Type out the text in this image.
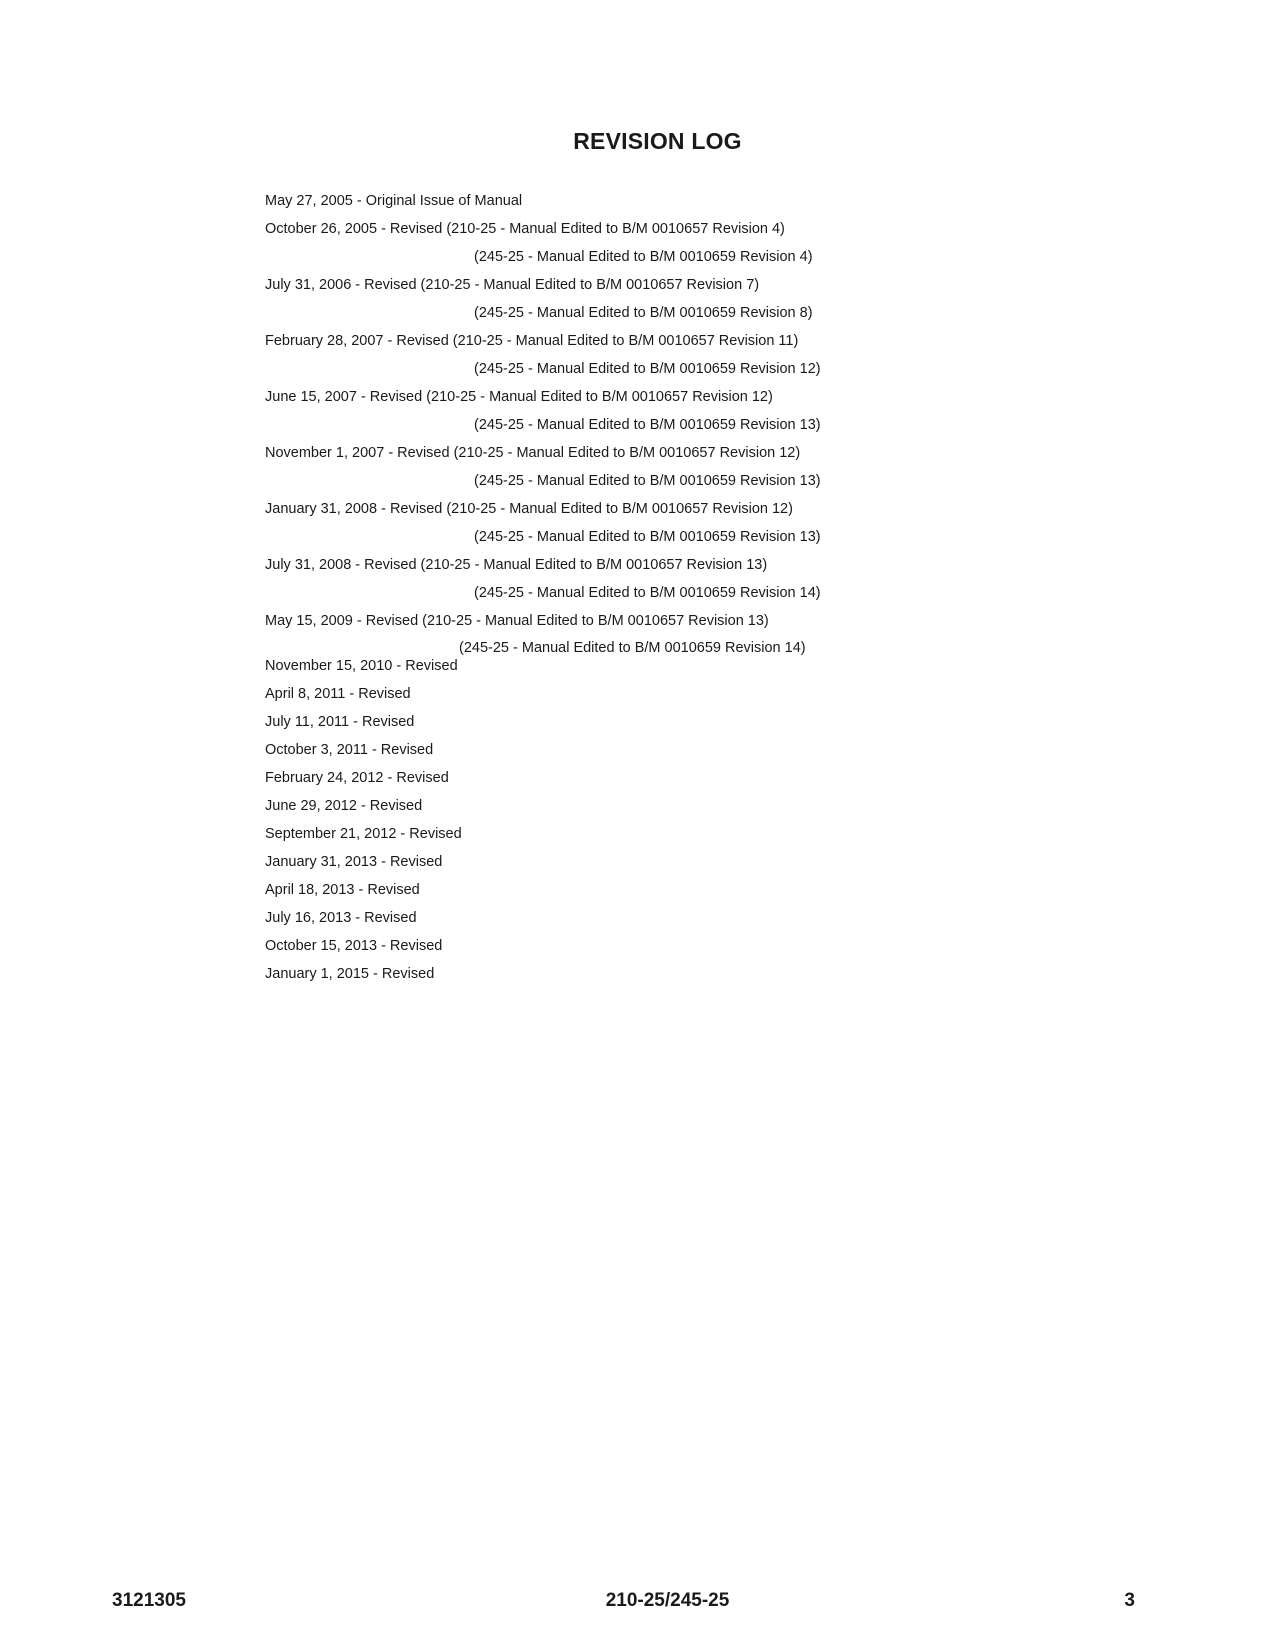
REVISION LOG
May 27, 2005 - Original Issue of Manual
October 26, 2005 - Revised (210-25 - Manual Edited to B/M 0010657 Revision 4)
(245-25 - Manual Edited to B/M 0010659 Revision 4)
July 31, 2006 - Revised (210-25 - Manual Edited to B/M 0010657 Revision 7)
(245-25 - Manual Edited to B/M 0010659 Revision 8)
February 28, 2007 - Revised (210-25 - Manual Edited to B/M 0010657 Revision 11)
(245-25 - Manual Edited to B/M 0010659 Revision 12)
June 15, 2007 - Revised (210-25 - Manual Edited to B/M 0010657 Revision 12)
(245-25 - Manual Edited to B/M 0010659 Revision 13)
November 1, 2007 - Revised (210-25 - Manual Edited to B/M 0010657 Revision 12)
(245-25 - Manual Edited to B/M 0010659 Revision 13)
January 31, 2008 - Revised (210-25 - Manual Edited to B/M 0010657 Revision 12)
(245-25 - Manual Edited to B/M 0010659 Revision 13)
July 31, 2008 - Revised (210-25 - Manual Edited to B/M 0010657 Revision 13)
(245-25 - Manual Edited to B/M 0010659 Revision 14)
May 15, 2009 - Revised (210-25 - Manual Edited to B/M 0010657 Revision 13)
(245-25 - Manual Edited to B/M 0010659 Revision 14)
November 15, 2010 - Revised
April 8, 2011 - Revised
July 11, 2011 - Revised
October 3, 2011 - Revised
February 24, 2012 - Revised
June 29, 2012 - Revised
September 21, 2012 - Revised
January 31, 2013 - Revised
April 18, 2013 - Revised
July 16, 2013 - Revised
October 15, 2013 - Revised
January 1, 2015 - Revised
3121305	210-25/245-25	3
